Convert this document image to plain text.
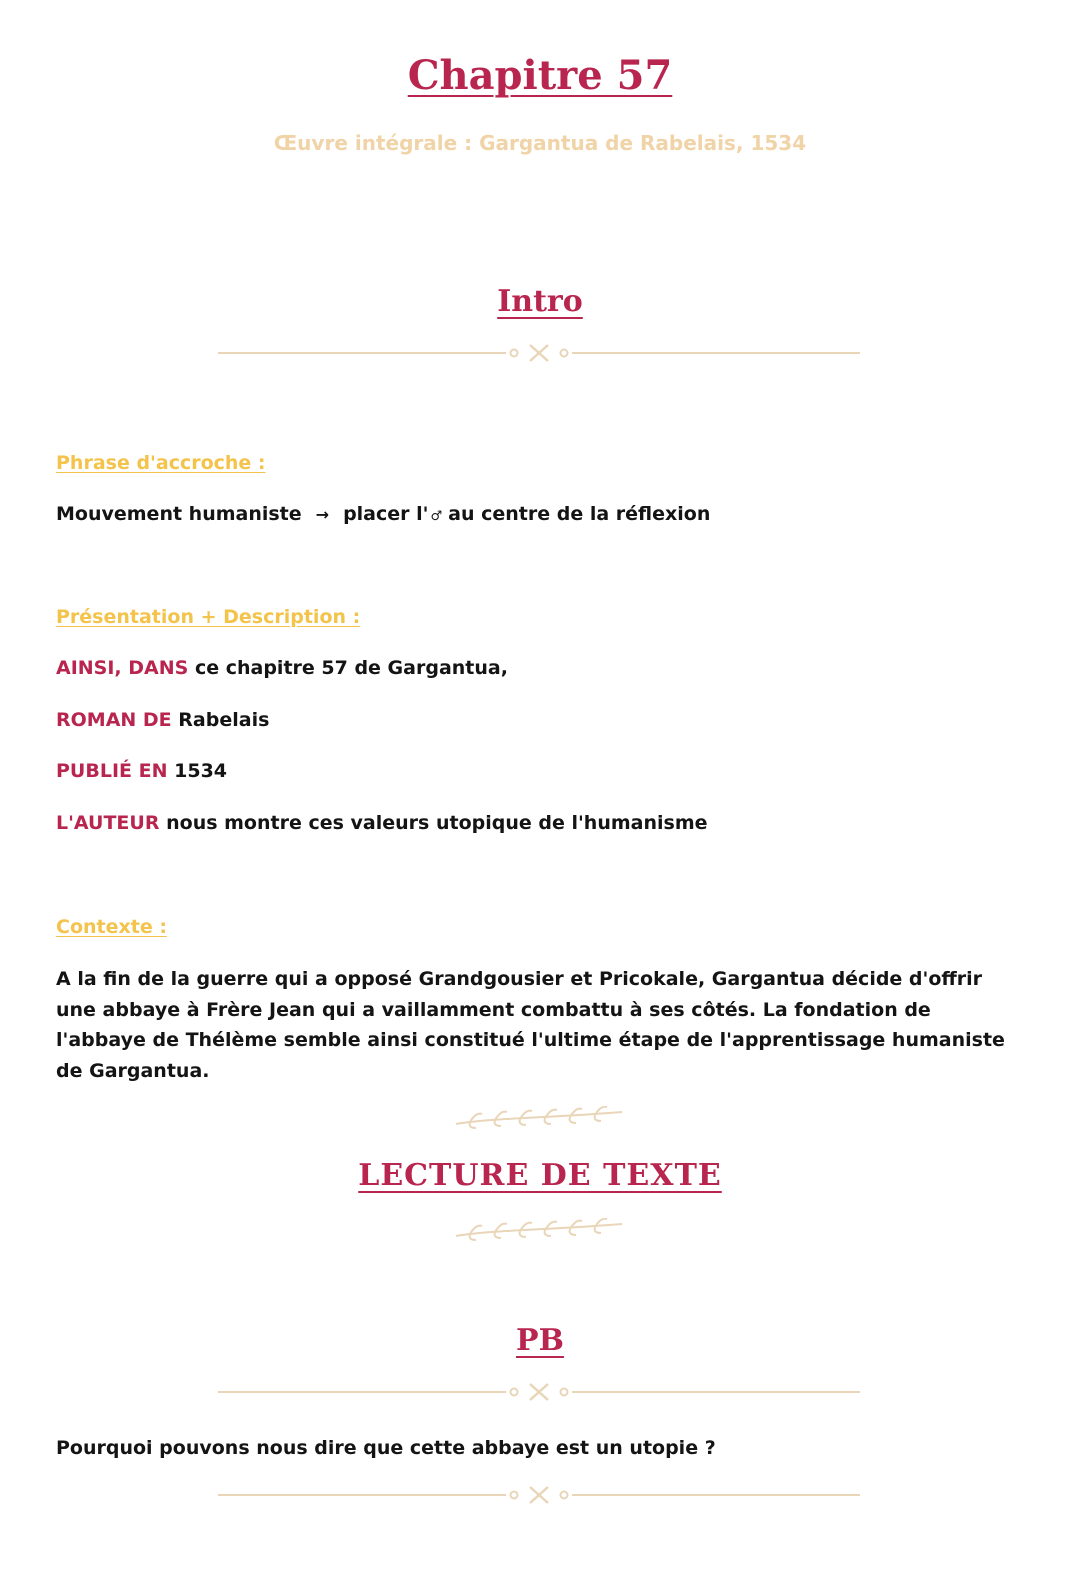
Chapitre 57
Œuvre intégrale : Gargantua de Rabelais, 1534
Intro
Phrase d'accroche :
Mouvement humaniste → placer l' ♂ au centre de la réflexion
Présentation + Description :
AINSI, DANS ce chapitre 57 de Gargantua,
ROMAN DE Rabelais
PUBLIÉ EN 1534
L'AUTEUR nous montre ces valeurs utopique de l'humanisme
Contexte :
A la fin de la guerre qui a opposé Grandgousier et Pricokale, Gargantua décide d'offrir une abbaye à Frère Jean qui a vaillamment combattu à ses côtés. La fondation de l'abbaye de Thélème semble ainsi constitué l'ultime étape de l'apprentissage humaniste de Gargantua.
LECTURE DE TEXTE
PB
Pourquoi pouvons nous dire que cette abbaye est un utopie ?
